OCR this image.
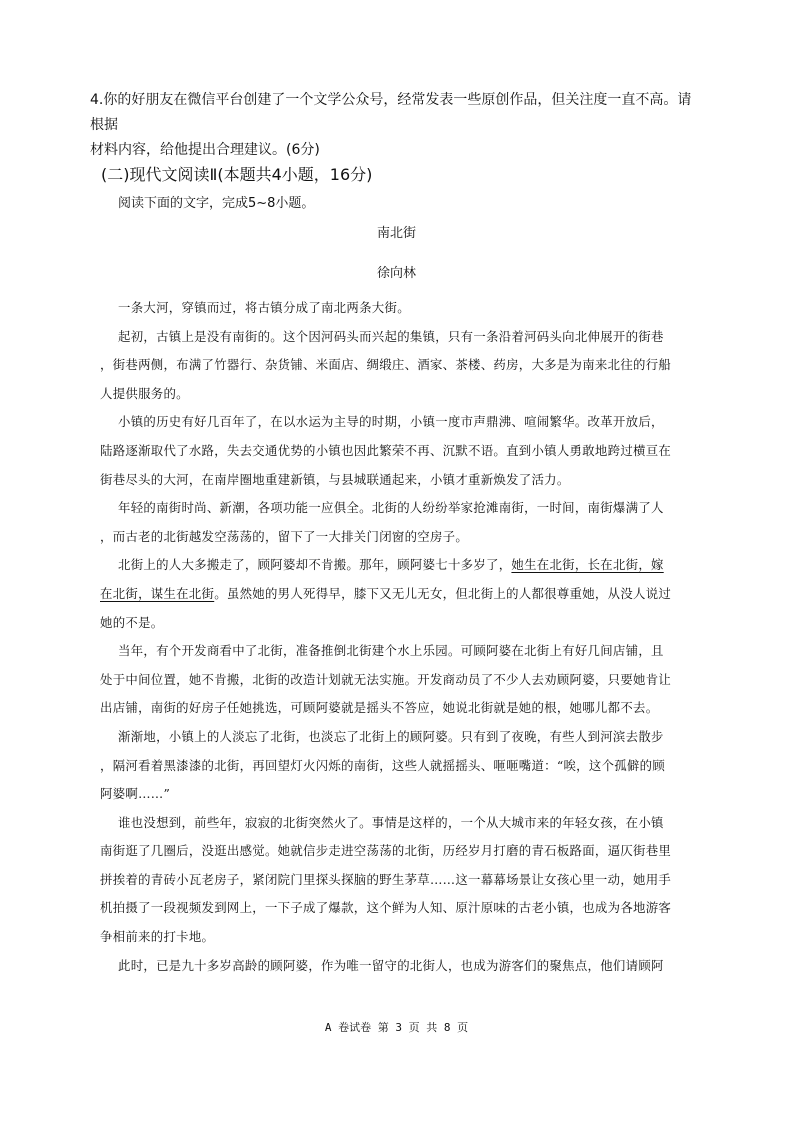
4.你的好朋友在微信平台创建了一个文学公众号，经常发表一些原创作品，但关注度一直不高。请根据
材料内容，给他提出合理建议。(6分)
(二)现代文阅读Ⅱ(本题共4小题，16分)
阅读下面的文字，完成5~8小题。
南北街
徐向林

一条大河，穿镇而过，将古镇分成了南北两条大街。

起初，古镇上是没有南街的。这个因河码头而兴起的集镇，只有一条沿着河码头向北伸展开的街巷
，街巷两侧，布满了竹器行、杂货铺、米面店、绸缎庄、酒家、茶楼、药房，大多是为南来北往的行船
人提供服务的。

小镇的历史有好几百年了，在以水运为主导的时期，小镇一度市声鼎沸、喧闹繁华。改革开放后，
陆路逐渐取代了水路，失去交通优势的小镇也因此繁荣不再、沉默不语。直到小镇人勇敢地跨过横亘在
街巷尽头的大河，在南岸圈地重建新镇，与县城联通起来，小镇才重新焕发了活力。

年轻的南街时尚、新潮，各项功能一应俱全。北街的人纷纷举家抢滩南街，一时间，南街爆满了人
，而古老的北街越发空荡荡的，留下了一大排关门闭窗的空房子。

北街上的人大多搬走了，顾阿婆却不肯搬。那年，顾阿婆七十多岁了，她生在北街，长在北街，嫁
在北街，谋生在北街。虽然她的男人死得早，膝下又无儿无女，但北街上的人都很尊重她，从没人说过
她的不是。

当年，有个开发商看中了北街，准备推倒北街建个水上乐园。可顾阿婆在北街上有好几间店铺，且
处于中间位置，她不肯搬，北街的改造计划就无法实施。开发商动员了不少人去劝顾阿婆，只要她肯让
出店铺，南街的好房子任她挑选，可顾阿婆就是摇头不答应，她说北街就是她的根，她哪儿都不去。

渐渐地，小镇上的人淡忘了北街，也淡忘了北街上的顾阿婆。只有到了夜晚，有些人到河滨去散步
，隔河看着黑漆漆的北街，再回望灯火闪烁的南街，这些人就摇摇头、咂咂嘴道：“唉，这个孤僻的顾
阿婆啊……”

谁也没想到，前些年，寂寂的北街突然火了。事情是这样的，一个从大城市来的年轻女孩，在小镇
南街逛了几圈后，没逛出感觉。她就信步走进空荡荡的北街，历经岁月打磨的青石板路面，逼仄街巷里
拼挨着的青砖小瓦老房子，紧闭院门里探头探脑的野生茅草……这一幕幕场景让女孩心里一动，她用手
机拍摄了一段视频发到网上，一下子成了爆款，这个鲜为人知、原汁原味的古老小镇，也成为各地游客
争相前来的打卡地。

此时，已是九十多岁高龄的顾阿婆，作为唯一留守的北街人，也成为游客们的聚焦点，他们请顾阿

A 卷试卷 第 3 页 共 8 页
